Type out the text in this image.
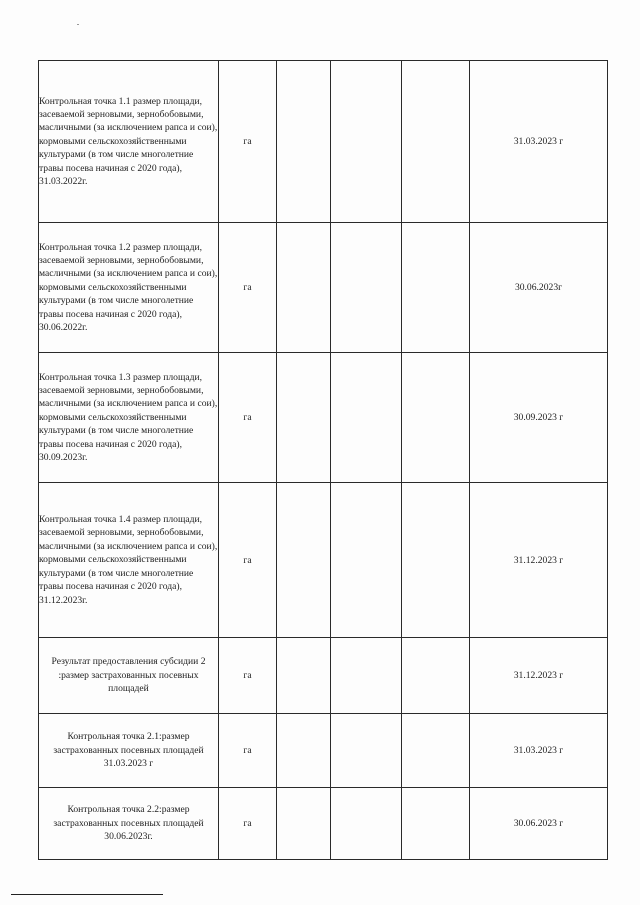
Контрольная точка 1.1 размер площади, засеваемой зерновыми, зернобобовыми, масличными (за исключением рапса и сои), кормовыми сельскохозяйственными культурами (в том числе многолетние травы посева начиная с 2020 года), 31.03.2022г.	га				31.03.2023 г
Контрольная точка 1.2 размер площади, засеваемой зерновыми, зернобобовыми, масличными (за исключением рапса и сои), кормовыми сельскохозяйственными культурами (в том числе многолетние травы посева начиная с 2020 года), 30.06.2022г.	га				30.06.2023г
Контрольная точка 1.3 размер площади, засеваемой зерновыми, зернобобовыми, масличными (за исключением рапса и сои), кормовыми сельскохозяйственными культурами (в том числе многолетние травы посева начиная с 2020 года), 30.09.2023г.	га				30.09.2023 г
Контрольная точка 1.4 размер площади, засеваемой зерновыми, зернобобовыми, масличными (за исключением рапса и сои), кормовыми сельскохозяйственными культурами (в том числе многолетние травы посева начиная с 2020 года), 31.12.2023г.	га				31.12.2023 г
Результат предоставления субсидии 2 :размер застрахованных посевных площадей	га				31.12.2023 г
Контрольная точка 2.1:размер застрахованных посевных площадей 31.03.2023 г	га				31.03.2023 г
Контрольная точка 2.2:размер застрахованных посевных площадей 30.06.2023г.	га				30.06.2023 г
